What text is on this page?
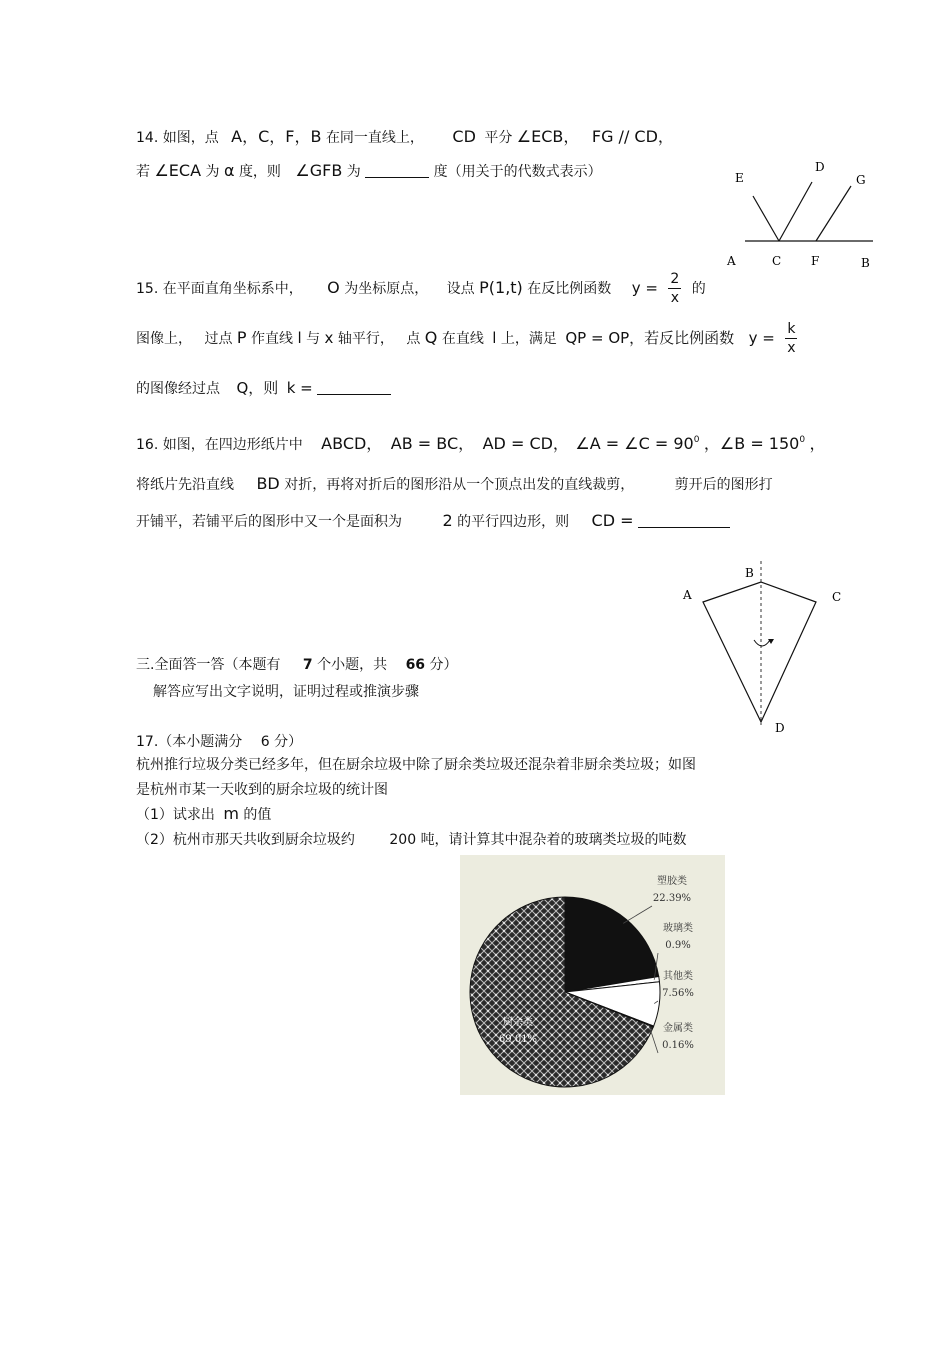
14. 如图，点 A，C，F，B 在同一直线上， CD 平分 ∠ECB， FG // CD，
若 ∠ECA 为 α 度，则 ∠GFB 为	度（用关于的代数式表示）	E
D
G
A	C F	B
15. 在平面直角坐标系中， O 为坐标原点， 设点 P(1,t) 在反比例函数 $y = \frac{2}{x}$ 的
图像上， 过点 P 作直线 l 与 x 轴平行， 点 Q 在直线 l 上，满足 QP = OP，若反比例函数 $y = \frac{k}{x}$
的图像经过点 Q，则 k =
16. 如图，在四边形纸片中 ABCD， AB = BC， AD = CD， ∠A = ∠C = 900 ，∠B = 1500 ，
将纸片先沿直线 BD 对折，再将对折后的图形沿从一个顶点出发的直线裁剪，	剪开后的图形打
开铺平，若铺平后的图形中又一个是面积为	2 的平行四边形，则 CD =
A
B
C
D
三.全面答一答（本题有 7 个小题，共 66 分）
解答应写出文字说明，证明过程或推演步骤
17.（本小题满分 6 分）
杭州推行垃圾分类已经多年，但在厨余垃圾中除了厨余类垃圾还混杂着非厨余类垃圾；如图
是杭州市某一天收到的厨余垃圾的统计图
（1）试求出 m 的值
（2）杭州市那天共收到厨余垃圾约 200 吨，请计算其中混杂着的玻璃类垃圾的吨数
塑胶类
22.39%
玻璃类
0.9%
其他类
7.56%
金属类
0.16%
厨余类
69.01%
